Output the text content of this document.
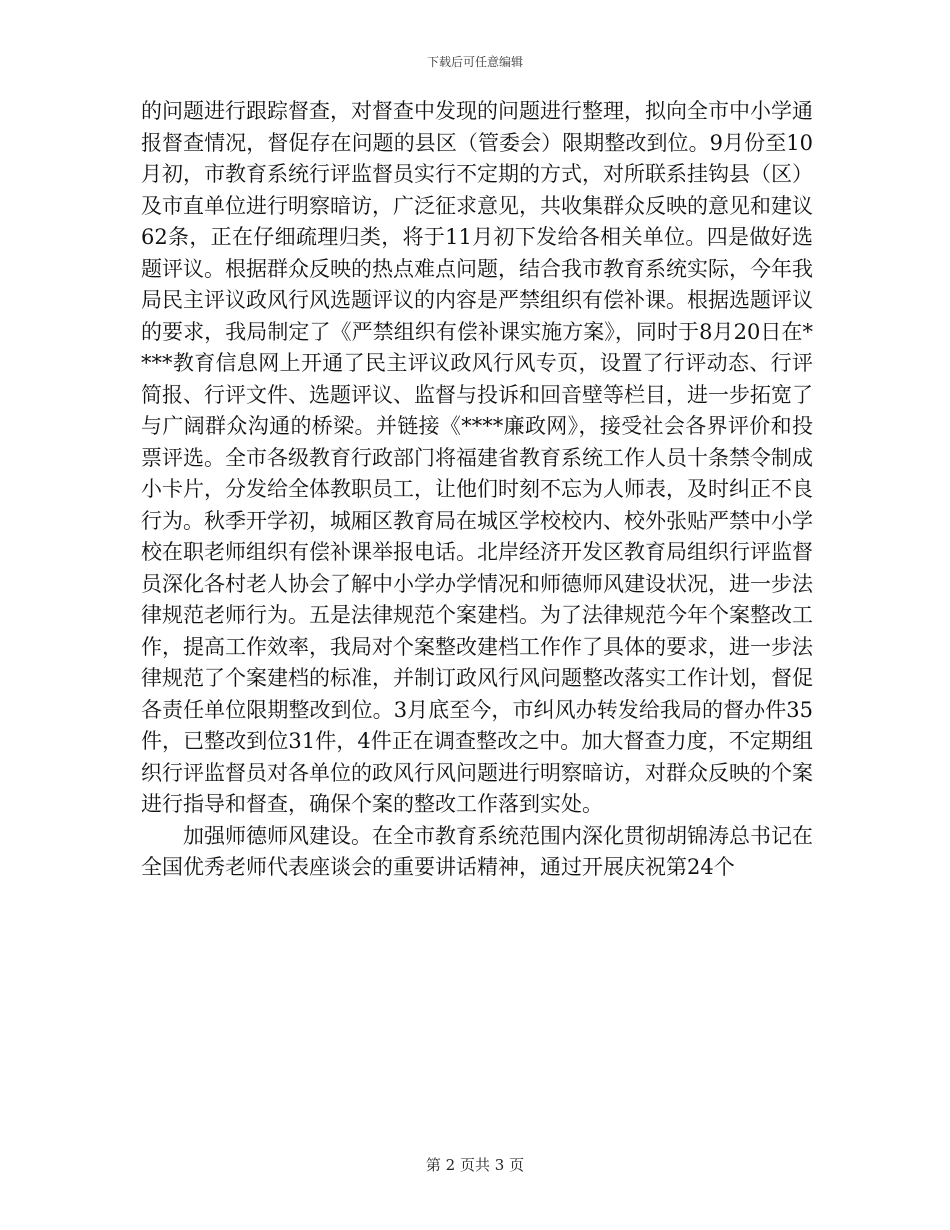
下载后可任意编辑

的问题进行跟踪督查，对督查中发现的问题进行整理，拟向全市中小学通报督查情况，督促存在问题的县区（管委会）限期整改到位。9月份至10月初，市教育系统行评监督员实行不定期的方式，对所联系挂钩县（区）及市直单位进行明察暗访，广泛征求意见，共收集群众反映的意见和建议62条，正在仔细疏理归类，将于11月初下发给各相关单位。四是做好选题评议。根据群众反映的热点难点问题，结合我市教育系统实际，今年我局民主评议政风行风选题评议的内容是严禁组织有偿补课。根据选题评议的要求，我局制定了《严禁组织有偿补课实施方案》，同时于8月20日在****教育信息网上开通了民主评议政风行风专页，设置了行评动态、行评简报、行评文件、选题评议、监督与投诉和回音壁等栏目，进一步拓宽了与广阔群众沟通的桥梁。并链接《****廉政网》，接受社会各界评价和投票评选。全市各级教育行政部门将福建省教育系统工作人员十条禁令制成小卡片，分发给全体教职员工，让他们时刻不忘为人师表，及时纠正不良行为。秋季开学初，城厢区教育局在城区学校校内、校外张贴严禁中小学校在职老师组织有偿补课举报电话。北岸经济开发区教育局组织行评监督员深化各村老人协会了解中小学办学情况和师德师风建设状况，进一步法律规范老师行为。五是法律规范个案建档。为了法律规范今年个案整改工作，提高工作效率，我局对个案整改建档工作作了具体的要求，进一步法律规范了个案建档的标准，并制订政风行风问题整改落实工作计划，督促各责任单位限期整改到位。3月底至今，市纠风办转发给我局的督办件35件，已整改到位31件，4件正在调查整改之中。加大督查力度，不定期组织行评监督员对各单位的政风行风问题进行明察暗访，对群众反映的个案进行指导和督查，确保个案的整改工作落到实处。

加强师德师风建设。在全市教育系统范围内深化贯彻胡锦涛总书记在全国优秀老师代表座谈会的重要讲话精神，通过开展庆祝第24个

第 2 页共 3 页
